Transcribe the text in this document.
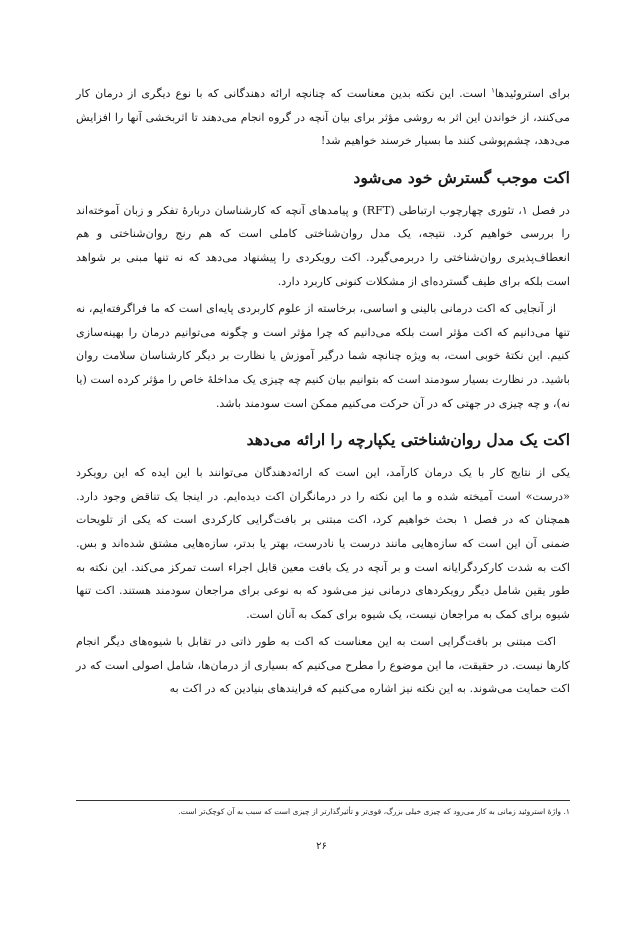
برای استروئیدها$^۱$ است. این نکته بدین معناست که چنانچه ارائه دهندگانی که با نوع دیگری از درمان کار می‌کنند، از خواندن این اثر به روشی مؤثر برای بیان آنچه در گروه انجام می‌دهند تا اثربخشی آنها را افزایش می‌دهد، چشم‌پوشی کنند ما بسیار خرسند خواهیم شد!

اکت موجب گسترش خود می‌شود

در فصل ۱، تئوری چهارچوب ارتباطی (RFT) و پیامدهای آنچه که کارشناسان دربارۀ تفکر و زبان آموخته‌اند را بررسی خواهیم کرد. نتیجه، یک مدل روان‌شناختی کاملی است که هم رنج روان‌شناختی و هم انعطاف‌پذیری روان‌شناختی را دربرمی‌گیرد. اکت رویکردی را پیشنهاد می‌دهد که نه تنها مبنی بر شواهد است بلکه برای طیف گسترده‌ای از مشکلات کنونی کاربرد دارد.

از آنجایی که اکت درمانی بالینی و اساسی، برخاسته از علوم کاربردی پایه‌ای است که ما فراگرفته‌ایم، نه تنها می‌دانیم که اکت مؤثر است بلکه می‌دانیم که چرا مؤثر است و چگونه می‌توانیم درمان را بهینه‌سازی کنیم. این نکتهٔ خوبی است، به ویژه چنانچه شما درگیر آموزش یا نظارت بر دیگر کارشناسان سلامت روان باشید. در نظارت بسیار سودمند است که بتوانیم بیان کنیم چه چیزی یک مداخلهٔ خاص را مؤثر کرده است (یا نه)، و چه چیزی در جهتی که در آن حرکت می‌کنیم ممکن است سودمند باشد.

اکت یک مدل روان‌شناختی یکپارچه را ارائه می‌دهد

یکی از نتایج کار با یک درمان کارآمد، این است که ارائه‌دهندگان می‌توانند با این ایده که این رویکرد «درست» است آمیخته شده و ما این نکته را در درمانگران اکت دیده‌ایم. در اینجا یک تناقض وجود دارد. همچنان که در فصل ۱ بحث خواهیم کرد، اکت مبتنی بر بافت‌گرایی کارکردی است که یکی از تلویحات ضمنی آن این است که سازه‌هایی مانند درست یا نادرست، بهتر یا بدتر، سازه‌هایی مشتق شده‌اند و بس. اکت به شدت کارکردگرایانه است و بر آنچه در یک بافت معین قابل اجراء است تمرکز می‌کند. این نکته به طور یقین شامل دیگر رویکردهای درمانی نیز می‌شود که به نوعی برای مراجعان سودمند هستند. اکت تنها شیوه برای کمک به مراجعان نیست، یک شیوه برای کمک به آنان است.

اکت مبتنی بر بافت‌گرایی است به این معناست که اکت به طور ذاتی در تقابل با شیوه‌های دیگر انجام کارها نیست. در حقیقت، ما این موضوع را مطرح می‌کنیم که بسیاری از درمان‌ها، شامل اصولی است که در اکت حمایت می‌شوند. به این نکته نیز اشاره می‌کنیم که فرایندهای بنیادین که در اکت به

۱. واژهٔ استروئید زمانی به کار می‌رود که چیزی خیلی بزرگ، قوی‌تر و تأثیرگذارتر از چیزی است که سبب به آن کوچک‌تر است.
۲۶
